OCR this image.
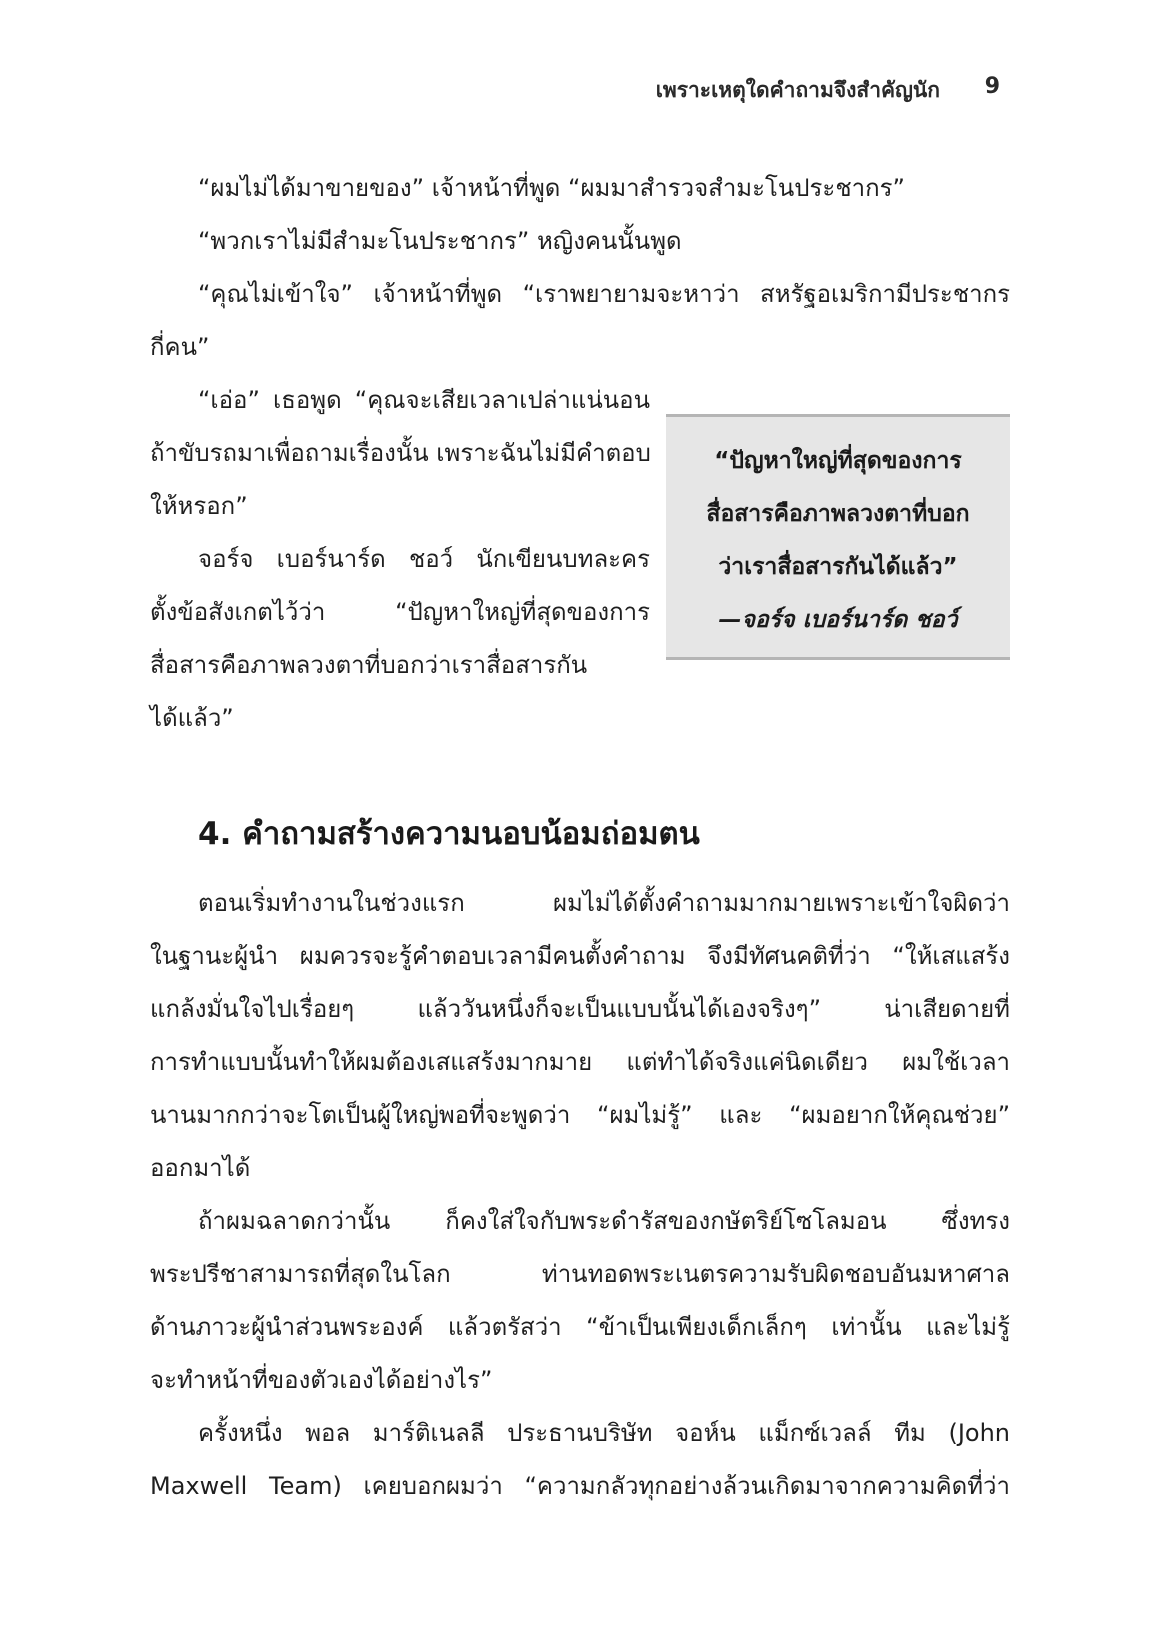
เพราะเหตุใดคำถามจึงสำคัญนัก 9
“ผมไม่ได้มาขายของ” เจ้าหน้าที่พูด “ผมมาสำรวจสำมะโนประชากร”
“พวกเราไม่มีสำมะโนประชากร” หญิงคนนั้นพูด
“คุณไม่เข้าใจ” เจ้าหน้าที่พูด “เราพยายามจะหาว่า สหรัฐอเมริกามีประชากร
กี่คน”
“เอ่อ” เธอพูด “คุณจะเสียเวลาเปล่าแน่นอน
ถ้าขับรถมาเพื่อถามเรื่องนั้น เพราะฉันไม่มีคำตอบ
ให้หรอก”
จอร์จ เบอร์นาร์ด ชอว์ นักเขียนบทละคร
ตั้งข้อสังเกตไว้ว่า “ปัญหาใหญ่ที่สุดของการ
สื่อสารคือภาพลวงตาที่บอกว่าเราสื่อสารกัน
ได้แล้ว”
“ปัญหาใหญ่ที่สุดของการ
สื่อสารคือภาพลวงตาที่บอก
ว่าเราสื่อสารกันได้แล้ว”
—จอร์จ เบอร์นาร์ด ชอว์
4. คำถามสร้างความนอบน้อมถ่อมตน
ตอนเริ่มทำงานในช่วงแรก ผมไม่ได้ตั้งคำถามมากมายเพราะเข้าใจผิดว่า
ในฐานะผู้นำ ผมควรจะรู้คำตอบเวลามีคนตั้งคำถาม จึงมีทัศนคติที่ว่า “ให้เสแสร้ง
แกล้งมั่นใจไปเรื่อยๆ แล้ววันหนึ่งก็จะเป็นแบบนั้นได้เองจริงๆ” น่าเสียดายที่
การทำแบบนั้นทำให้ผมต้องเสแสร้งมากมาย แต่ทำได้จริงแค่นิดเดียว ผมใช้เวลา
นานมากกว่าจะโตเป็นผู้ใหญ่พอที่จะพูดว่า “ผมไม่รู้” และ “ผมอยากให้คุณช่วย”
ออกมาได้
ถ้าผมฉลาดกว่านั้น ก็คงใส่ใจกับพระดำรัสของกษัตริย์โซโลมอน ซึ่งทรง
พระปรีชาสามารถที่สุดในโลก ท่านทอดพระเนตรความรับผิดชอบอันมหาศาล
ด้านภาวะผู้นำส่วนพระองค์ แล้วตรัสว่า “ข้าเป็นเพียงเด็กเล็กๆ เท่านั้น และไม่รู้
จะทำหน้าที่ของตัวเองได้อย่างไร”
ครั้งหนึ่ง พอล มาร์ติเนลลี ประธานบริษัท จอห์น แม็กซ์เวลล์ ทีม (John
Maxwell Team) เคยบอกผมว่า “ความกลัวทุกอย่างล้วนเกิดมาจากความคิดที่ว่า
